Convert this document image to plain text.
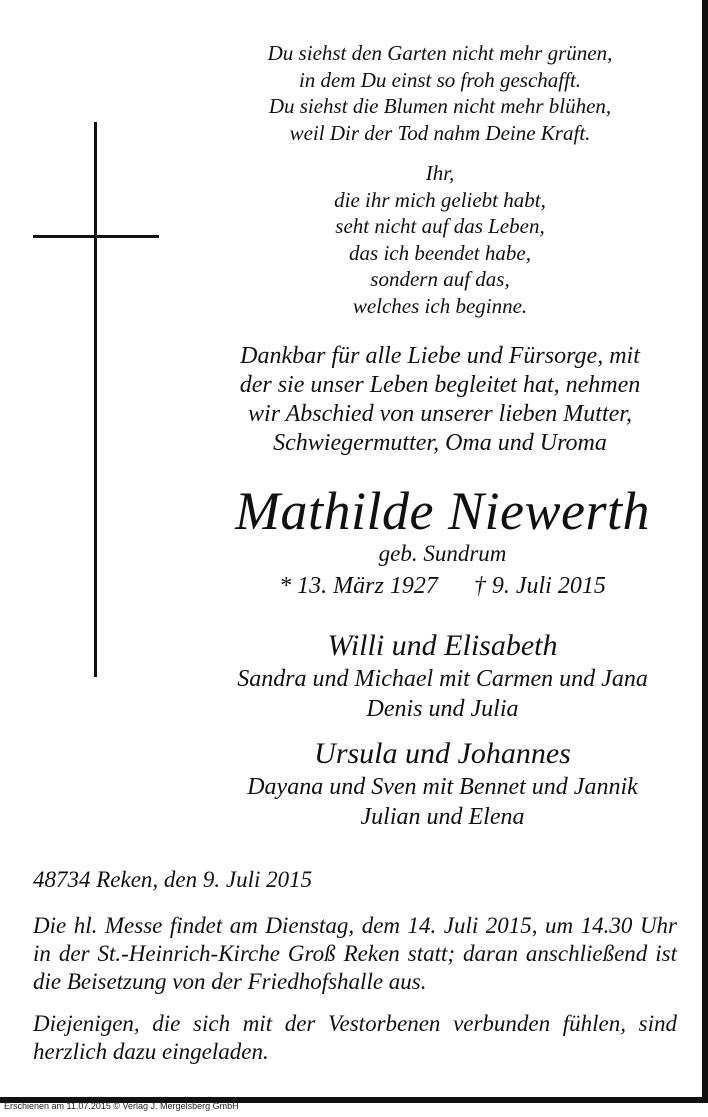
Du siehst den Garten nicht mehr grünen,
in dem Du einst so froh geschafft.
Du siehst die Blumen nicht mehr blühen,
weil Dir der Tod nahm Deine Kraft.
Ihr,
die ihr mich geliebt habt,
seht nicht auf das Leben,
das ich beendet habe,
sondern auf das,
welches ich beginne.
Dankbar für alle Liebe und Fürsorge, mit
der sie unser Leben begleitet hat, nehmen
wir Abschied von unserer lieben Mutter,
Schwiegermutter, Oma und Uroma
Mathilde Niewerth
geb. Sundrum
* 13. März 1927 † 9. Juli 2015
Willi und Elisabeth
Sandra und Michael mit Carmen und Jana
Denis und Julia
Ursula und Johannes
Dayana und Sven mit Bennet und Jannik
Julian und Elena
48734 Reken, den 9. Juli 2015
Die hl. Messe findet am Dienstag, dem 14. Juli 2015, um 14.30 Uhr in der St.-Heinrich-Kirche Groß Reken statt; daran anschließend ist die Beisetzung von der Friedhofshalle aus.
Diejenigen, die sich mit der Vestorbenen verbunden fühlen, sind herzlich dazu eingeladen.
Erschienen am 11.07.2015 © Verlag J. Mergelsberg GmbH
